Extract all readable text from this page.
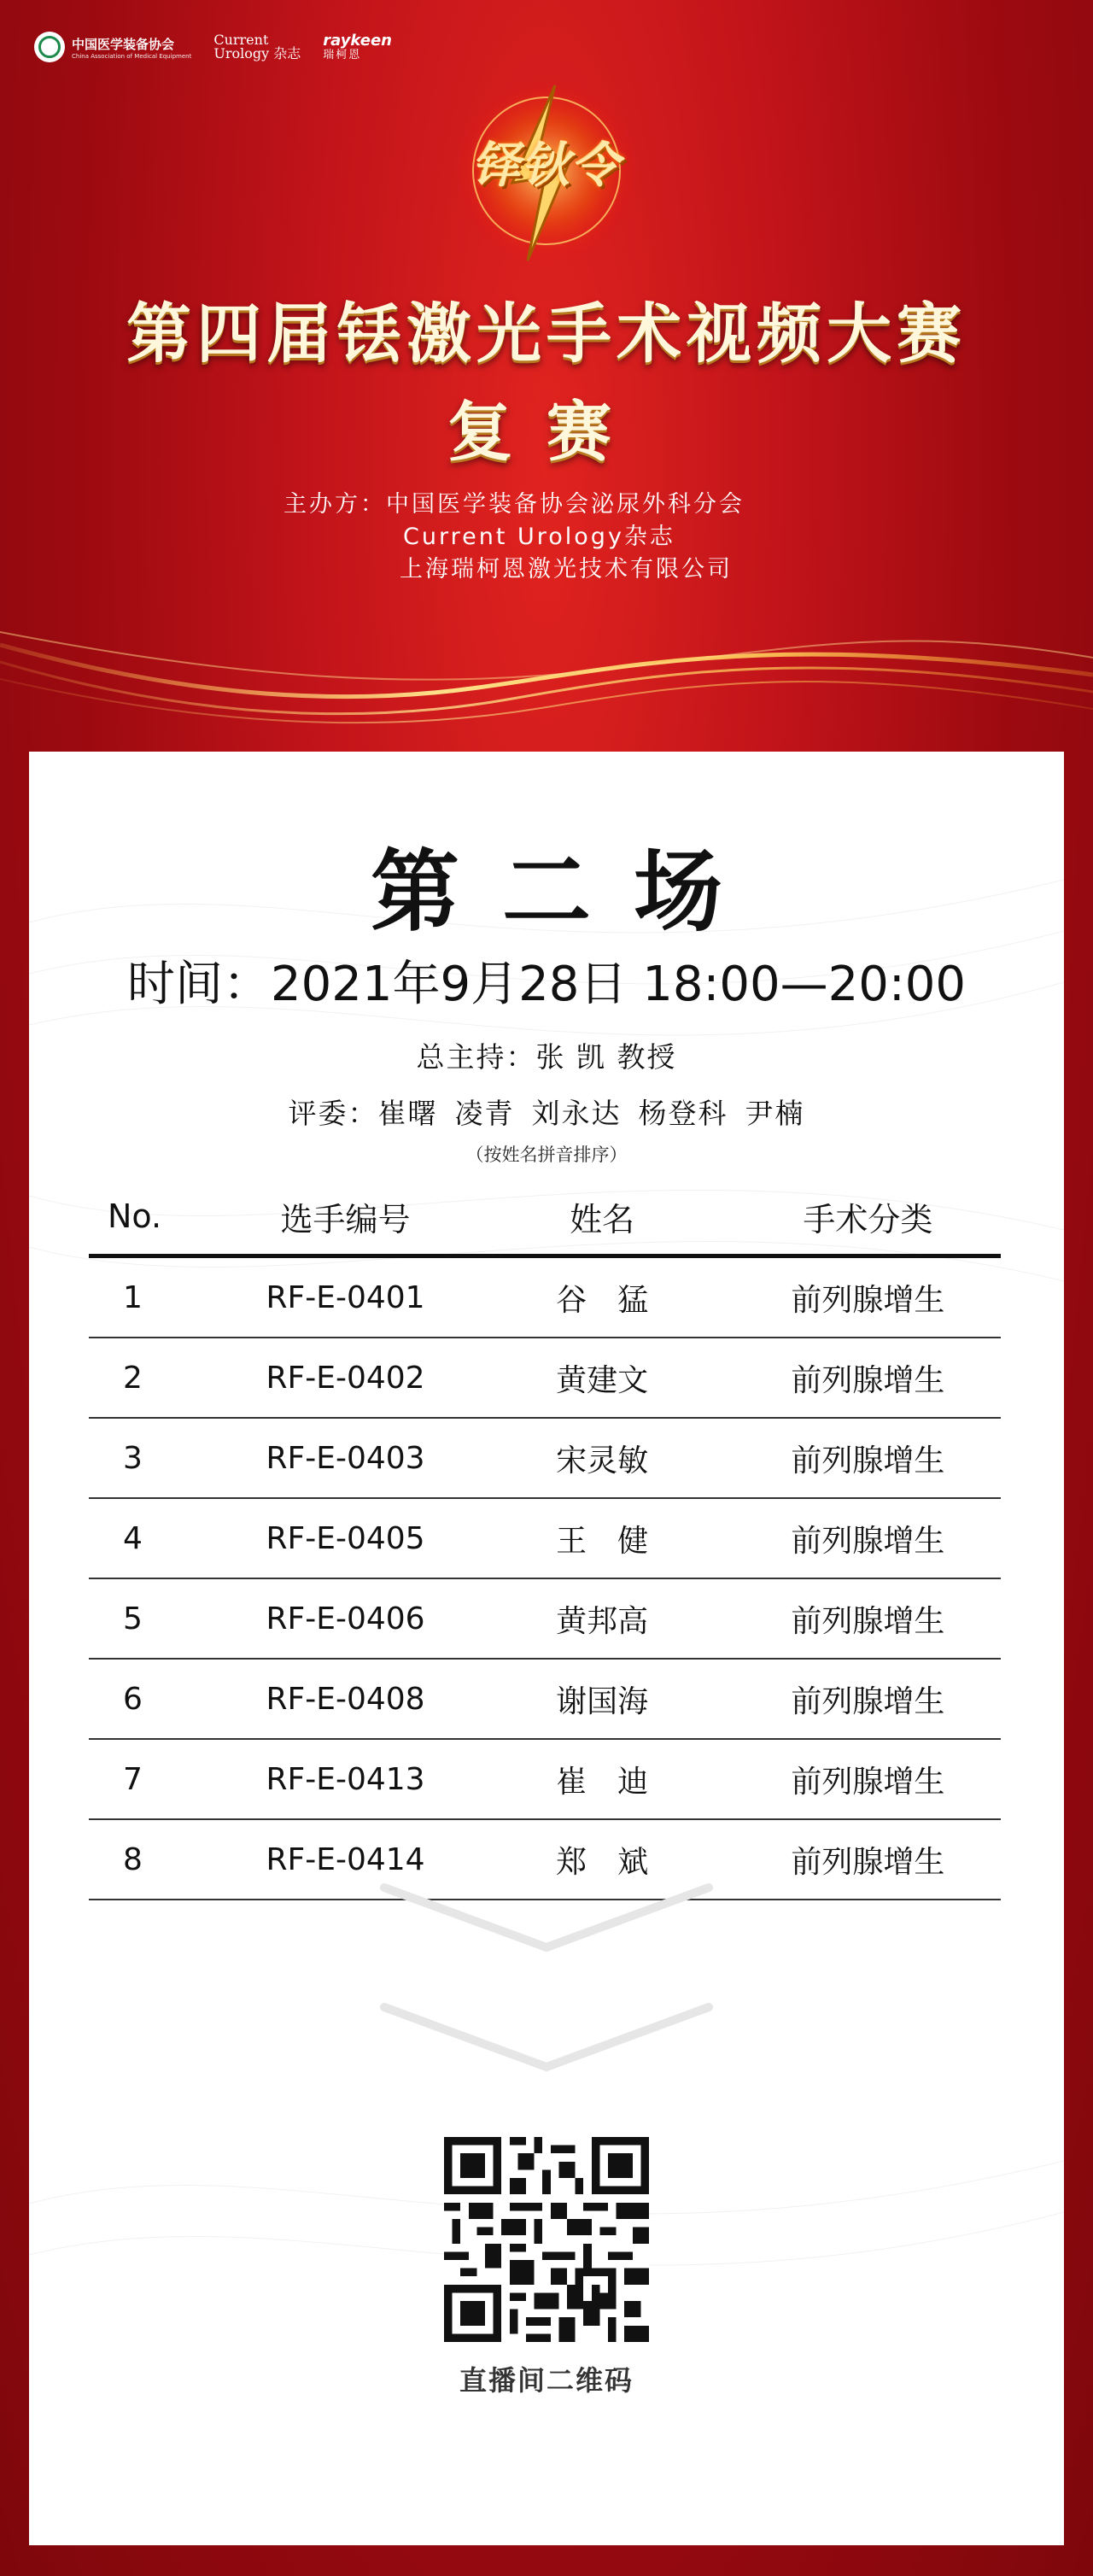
中国医学装备协会
China Association of Medical Equipment
Current
Urology 杂志
raykeen
瑞柯恩
铎钬令
第四届铥激光手术视频大赛
复赛
主办方：中国医学装备协会泌尿外科分会
Current Urology杂志
上海瑞柯恩激光技术有限公司
第二场
时间：2021年9月28日 18:00—20:00
总主持：张 凯 教授
评委：崔曙 凌青 刘永达 杨登科 尹楠
（按姓名拼音排序）
No.	选手编号	姓名	手术分类
1	RF-E-0401	谷　猛	前列腺增生
2	RF-E-0402	黄建文	前列腺增生
3	RF-E-0403	宋灵敏	前列腺增生
4	RF-E-0405	王　健	前列腺增生
5	RF-E-0406	黄邦高	前列腺增生
6	RF-E-0408	谢国海	前列腺增生
7	RF-E-0413	崔　迪	前列腺增生
8	RF-E-0414	郑　斌	前列腺增生
直播间二维码
